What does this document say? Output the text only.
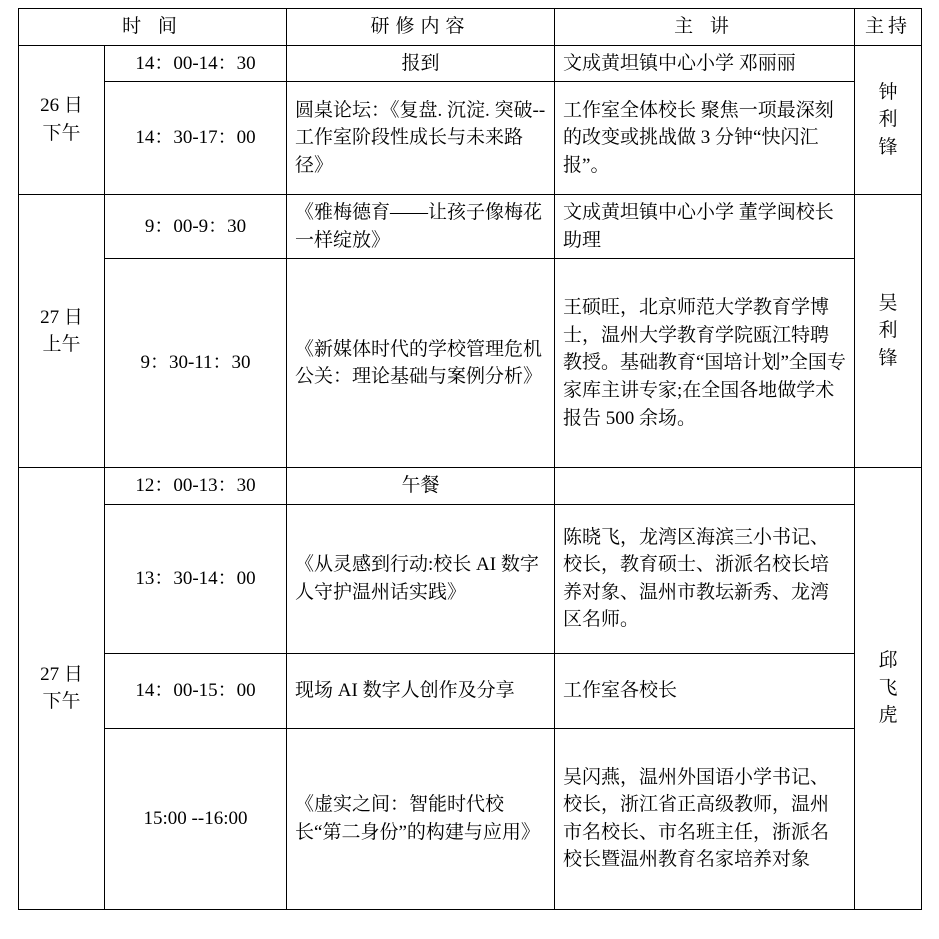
时 间		研修内容	主 讲	主持
26 日
下午	14：00-14：30	报到	文成黄坦镇中心小学 邓丽丽	钟利锋
	14：30-17：00	圆桌论坛：《复盘. 沉淀. 突破--工作室阶段性成长与未来路径》	工作室全体校长 聚焦一项最深刻的改变或挑战做 3 分钟“快闪汇报”。	
27 日
上午	9：00-9：30	《雅梅德育——让孩子像梅花一样绽放》	文成黄坦镇中心小学 董学闽校长助理	吴利锋
	9：30-11：30	《新媒体时代的学校管理危机公关：理论基础与案例分析》	王硕旺，北京师范大学教育学博士，温州大学教育学院瓯江特聘教授。基础教育“国培计划”全国专家库主讲专家;在全国各地做学术报告 500 余场。	
27 日
下午	12：00-13：30	午餐		邱飞虎
	13：30-14：00	《从灵感到行动:校长 AI 数字人守护温州话实践》	陈晓飞，龙湾区海滨三小书记、校长，教育硕士、浙派名校长培养对象、温州市教坛新秀、龙湾区名师。	
	14：00-15：00	现场 AI 数字人创作及分享	工作室各校长	
	15:00 --16:00	《虚实之间：智能时代校长“第二身份”的构建与应用》	吴闪燕，温州外国语小学书记、校长，浙江省正高级教师，温州市名校长、市名班主任，浙派名校长暨温州教育名家培养对象	
